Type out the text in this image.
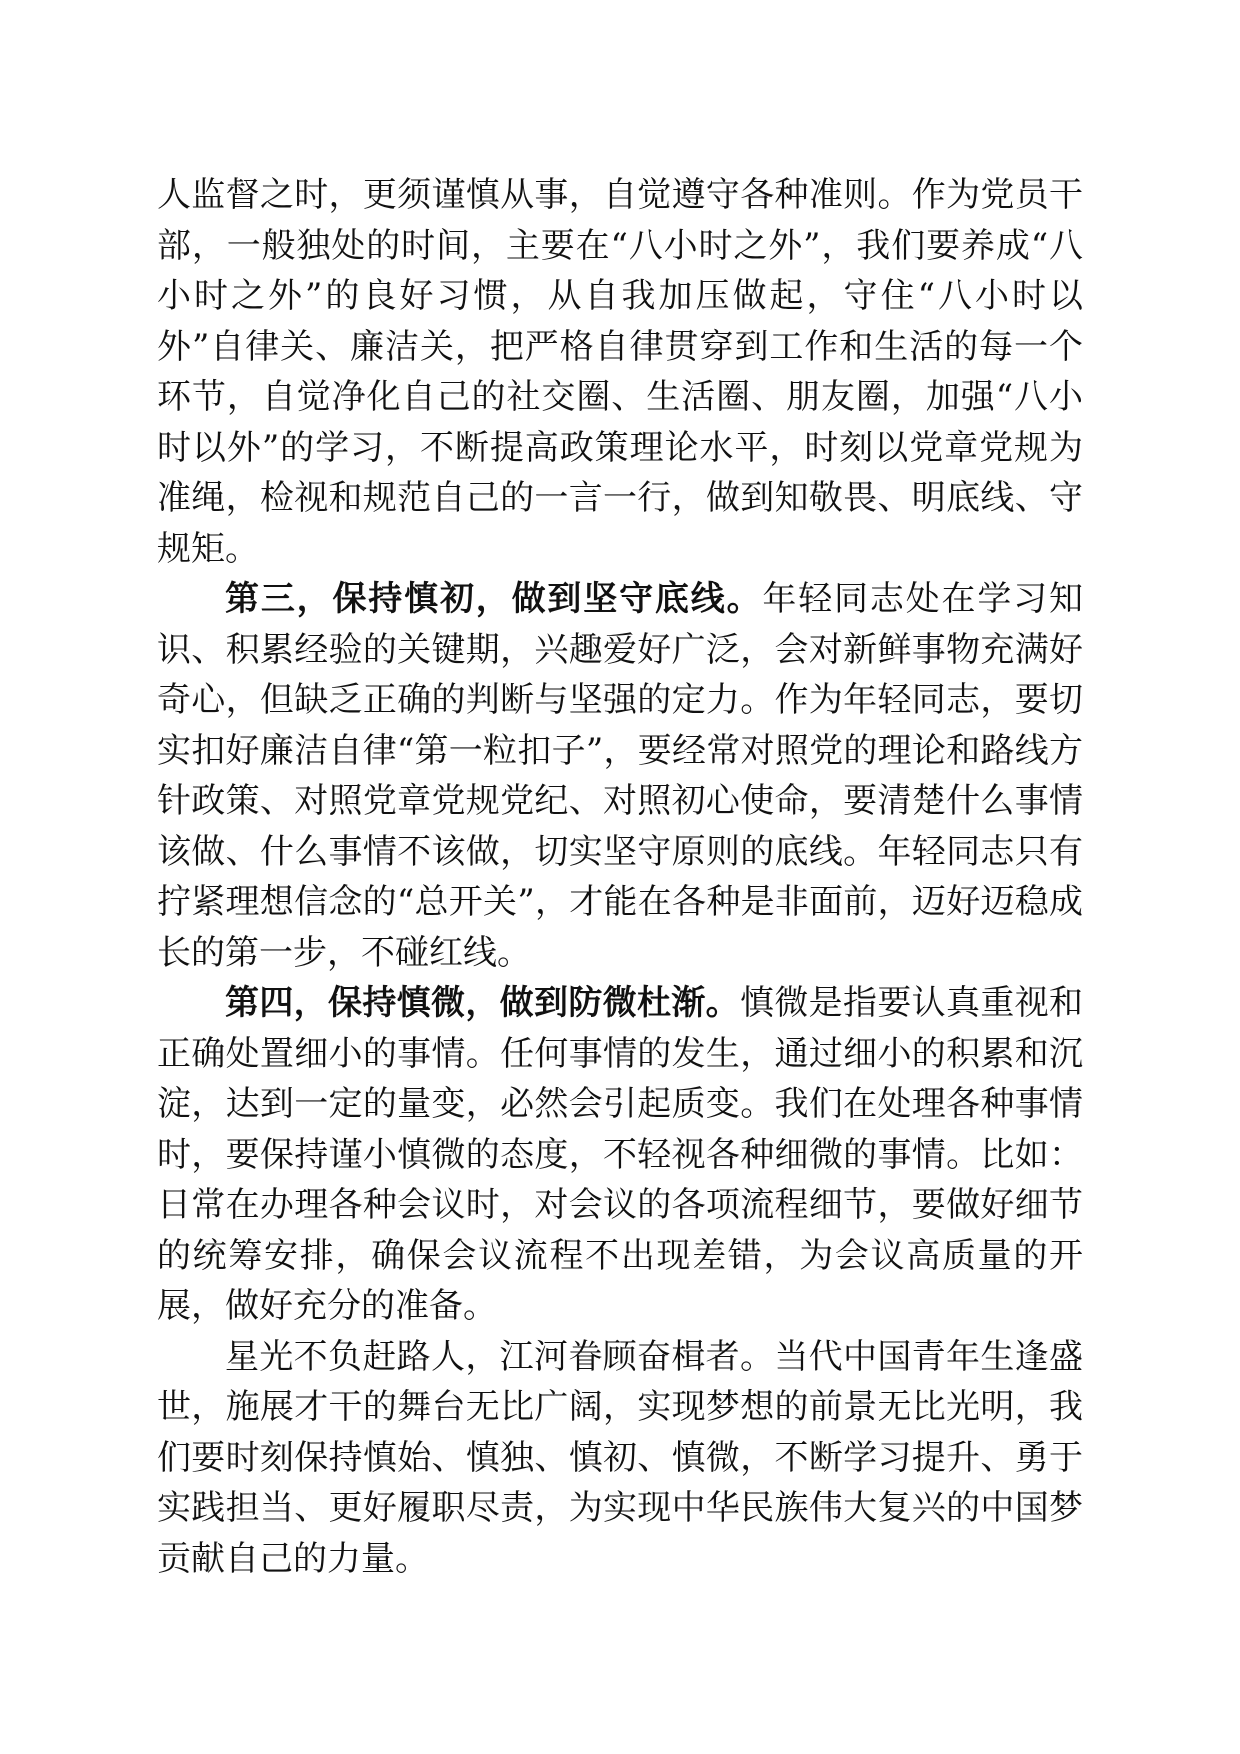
人监督之时，更须谨慎从事，自觉遵守各种准则。作为党员干部，一般独处的时间，主要在“八小时之外”，我们要养成“八小时之外”的良好习惯，从自我加压做起，守住“八小时以外”自律关、廉洁关，把严格自律贯穿到工作和生活的每一个环节，自觉净化自己的社交圈、生活圈、朋友圈，加强“八小时以外”的学习，不断提高政策理论水平，时刻以党章党规为准绳，检视和规范自己的一言一行，做到知敬畏、明底线、守规矩。

第三，保持慎初，做到坚守底线。年轻同志处在学习知识、积累经验的关键期，兴趣爱好广泛，会对新鲜事物充满好奇心，但缺乏正确的判断与坚强的定力。作为年轻同志，要切实扣好廉洁自律“第一粒扣子”，要经常对照党的理论和路线方针政策、对照党章党规党纪、对照初心使命，要清楚什么事情该做、什么事情不该做，切实坚守原则的底线。年轻同志只有拧紧理想信念的“总开关”，才能在各种是非面前，迈好迈稳成长的第一步，不碰红线。

第四，保持慎微，做到防微杜渐。慎微是指要认真重视和正确处置细小的事情。任何事情的发生，通过细小的积累和沉淀，达到一定的量变，必然会引起质变。我们在处理各种事情时，要保持谨小慎微的态度，不轻视各种细微的事情。比如：日常在办理各种会议时，对会议的各项流程细节，要做好细节的统筹安排，确保会议流程不出现差错，为会议高质量的开展，做好充分的准备。

星光不负赶路人，江河眷顾奋楫者。当代中国青年生逢盛世，施展才干的舞台无比广阔，实现梦想的前景无比光明，我们要时刻保持慎始、慎独、慎初、慎微，不断学习提升、勇于实践担当、更好履职尽责，为实现中华民族伟大复兴的中国梦贡献自己的力量。
